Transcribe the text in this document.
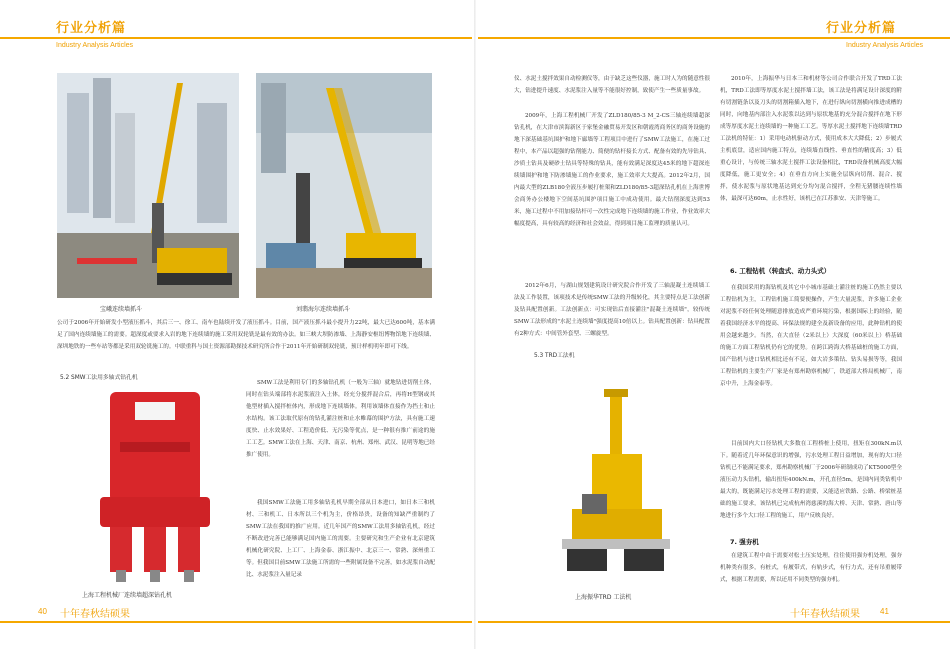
行业分析篇
Industry Analysis Articles
行业分析篇
Industry Analysis Articles
宝峨连续墙抓斗	刘翡海尔连续墙抓斗

公司于2006年开始研发小型液压抓斗，其后三一、徐工、南车也陆续开发了液压抓斗。目前，国产液压抓斗最小提升力22吨，最大已达600吨，基本满足了国内连续墙施工的需要。超深度或要求入岩的地下连续墙的施工采用双轮铣是最有效的办法。如三峡大坝防渗墙、上海静安枢纽博物馆地下连续墙、深圳地铁的一些车站等都是采用双轮铣施工的。中联重科与国土资源部勘探技术研究所合作于2011年开始研制双轮铣，预计样机明年即可下线。

5.2 SMW工法用多轴式钻孔机
上海工程机械厂连续墙超深钻孔机

SMW工法是利用专门的多轴钻孔机（一般为三轴）就地钻进切削土体，同时在钻头端部将水泥浆液注入土体，经充分搅拌混合后，再将H型钢或其他型材插入搅拌桩体内，形成地下连续墙体。利用该墙体直接作为挡土和止水结构。该工法取代原有的钻孔灌注桩和止水帷幕的围护方法，具有施工速度快、止水效果好、工程造价低、无污染等优点，是一种很有推广前途的施工工艺。SMW工法在上海、天津、南京、杭州、郑州、武汉、昆明等地已经推广使用。

我国SMW工法施工用多轴钻孔机早期全部从日本进口，如日本三和机材、三和机工、日本所以三个机为主，价格昂贵，设备的知缺严重制约了SMW工法在我国的推广应用。近几年国产的SMW工法用多轴钻孔机，经过不断改进完善已能够满足国内施工的需要。主要研究和生产企业有北京建筑机械化研究院、上工厂、上海金泰、浙江振中、北京三一、常熟、深州重工等。但我国目前SMW工法施工所需的一些附属设备不完善，如水泥浆自动配比、水泥浆注入量记录

仪、水泥土搅拌效果自动检测仪等，由于缺乏这些仪器，施工时人为的随意性很大，钻进提升速度、水泥浆注入量等不能很好控制，致使产生一些质量事故。

2009年，上海工程机械厂开发了ZLD180/85-3 M_2-CS三轴连续墙超深钻孔机，在大津市滨海新区于家堡金融贸易开发区和朝霞湾商务区的商务设施的地下深基础基坑围护和地下廊墙等工程项目中进行了SMW工法施工，在施工过程中，本产品以超强的钻削能力、简便的钻杆接长方式、配备有效的先导钻具、沙质土钻具及硬砂土钻具等特殊的钻具，能有效满足深度达45米的地下超深连续墙围护和地下防渗墙施工的作业要求，施工效率大大提高。2012年2月，国内最大型的ZLB180全液压步履打桩架和ZLD180/85-3超深钻孔机在上海世博会商务办公楼地下空间基坑围护项目施工中成功使用。最大钻削深度达到53米，施工过程中不用加接钻杆可一次性完成地下连续墙的施工作业，作业效率大幅度提高，具有较高的经济和社会效益，得到项目施工监理的质量认可。

2012年6月，与湖山规划建筑设计研究院合作开发了三轴混凝土连续墙工法及工作装置，该项技术是传统SMW工法的升级转化，其主要特点是工法创新及钻具配置创新。工法创新点：可实现钻后直接灌注"混凝土连续墙"，较传统SMW工法形成的"水泥土连续墙"强度提高10倍以上。钻具配置创新：钻具配置有2种方式：中间管外套型、三螺旋型。

5.3 TRD工法机
上海振华TRD 工法机

2010年，上海振华与日本三和机材等公司合作联合开发了TRD工法机，TRD工法即等厚度水泥土搅拌墙工法，该工法是将满足设计深度的附有切割链条以及刀头的切割箱插入地下，在进行纵向切割横向推进成槽的同时，向地基内部注入水泥浆以达到与原状地基的充分混合搅拌在地下形成等厚度水泥土连续墙的一种施工工艺。等厚水泥土搅拌地下连续墙TRD工法机的特征：1）采用电动机驱动方式，使用成本大大降低；2）步履式主机底盘，适应国内施工特点，连续墙直线性、垂直性的精度高；3）低重心设计，与传统三轴水泥土搅拌工法设备相比，TRD设备机械高度大幅度降低，施工更安全；4）在垂直方向上实施全层纵向切削、混合、搅拌，使水泥浆与原状地基达到充分均匀混合搅拌，全程无猪腰连续性墙体，最深可达60m，止水性好，该机已在江苏淮安、天津等施工。

6. 工程钻机（转盘式、动力头式）

在我国采用的海钻机及其它中小城市基础土灌注桩的施工仍然主要以工程钻机为主，工程钻机施工简要便操作，产生大量泥浆，许多施工企业对泥浆不经任何处理随意排放造成严重环境污染，根据国际上的经验，随着我国经济水平的提高、环保法规的建全及新设备的应用，此种钻机的使用会越来越少。当然，在大直径（2米以上）大深度（60米以上）桥基础的施工方面工程钻机仍有它的优势。在跨江跨海大桥基础桩的施工方面，国产钻机与进口钻机相比还有不足，如大岩多策钻、钻头易损等等，我国工程钻机的主要生产厂家是有郑州勘察机械厂，铁道部大桥局机械厂，南京中升，上海金泰等。

目前国内大口径钻机大多数在工程桥桩上使用，扭矩在300kN.m以下。随着近几年环保意识的增强，污水处理工程日益增加，现有的大口径钻机已不能满足要求，郑州勘察机械厂于2006年研制成功了KT5000型全液压动力头钻机，输出扭矩400kN.m，开孔直径5m，是国内同类钻机中最大的，既能满足污水处理工程的需要，又能适应铁路、公路、桥梁桩基础的施工要求，该钻机已完成杭州湾慈溪的海大桥、天津、常熟、唐山等地进行多个大口径工程的施工，用户反映良好。

7. 强夯机

在建筑工程中由于需要对松土压实处理，往往使用强夯机处理，强夯机种类有很多，有桩式，有履带式，有轨步式，有行力式，还有吊重履带式，根据工程需要，所以还用不同类型的强夯机。

40 十年春秋结硕果	十年春秋结硕果	41
